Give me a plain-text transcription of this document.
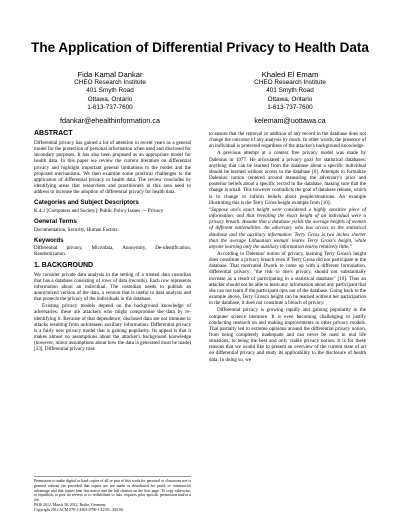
The Application of Differential Privacy to Health Data
Fida Kamal Dankar
CHEO Research Institute
401 Smyth Road
Ottawa, Ontario
1-613-737-7600
fdankar@ehealthinformation.ca
Khaled El Emam
CHEO Research Institute
401 Smyth Road
Ottawa, Ontario
1-613-737-7600
kelemam@uottawa.ca
ABSTRACT

Differential privacy has gained a lot of attention in recent years as a general model for the protection of personal information when used and disclosed for secondary purposes. It has also been proposed as an appropriate model for health data. In this paper we review the current literature on differential privacy and highlight important general limitations to the model and the proposed mechanisms. We then examine some practical challenges to the application of differential privacy to health data. The review concludes by identifying areas that researchers and practitioners in this area need to address to increase the adoption of differential privacy for health data.

Categories and Subject Descriptors

K.4.1 [Computers and Society]: Public Policy Issues — Privacy

General Terms

Documentation, Security, Human Factors.

Keywords

Differential privacy, Microdata, Anonymity, De-identification, Randomization.

1. BACKGROUND

We consider private data analysis in the setting of a trusted data custodian that has a database consisting of rows of data (records). Each row represents information about an individual. The custodian needs to publish an anonymized version of the data, a version that is useful to data analysts and that protects the privacy of the individuals in the database.

Existing privacy models depend on the background knowledge of adversaries; these are attackers who might compromise the data by re-identifying it. Because of that dependence, disclosed data are not immune to attacks resulting from unforeseen auxiliary information. Differential privacy is a fairly new privacy model that is gaining popularity. Its appeal is that it makes almost no assumptions about the attacker's background knowledge (however, minor assumptions about how the data is generated must be made) [33]. Differential privacy tries

Permission to make digital or hard copies of all or part of this work for personal or classroom use is granted without fee provided that copies are not made or distributed for profit or commercial advantage and that copies bear this notice and the full citation on the first page. To copy otherwise, to republish, to post on servers or to redistribute to lists, requires prior specific permission and/or a fee.

PAIS 2012, March 30, 2012, Berlin, Germany.

Copyright 2012 ACM 978-1-4503-0790-1/12/03...$10.00.

to ensure that the removal or addition of any record in the database does not change the outcome of any analysis by much. In other words, the presence of an individual is protected regardless of the attacker's background knowledge.

A previous attempt at a context free privacy model was made by Dalenius in 1977. He articulated a privacy goal for statistical databases: anything that can be learned from the database about a specific individual should be learned without access to the database [6]. Attempts to formalize Dalenius' notion centered around measuring the adversary's prior and posterior beliefs about a specific record in the database, making sure that the change is small. This however contradicts the goal of database release, which is to change or inform beliefs about people/situations. An example illustrating this is the Terry Gross height example from [10]:

"Suppose one's exact height were considered a highly sensitive piece of information, and that revealing the exact height of an individual were a privacy breach. Assume that a database yields the average heights of women of different nationalities. An adversary who has access to the statistical database and the auxiliary information 'Terry Gross is two inches shorter than the average Lithuanian woman' learns Terry Gross's height, while anyone learning only the auxiliary information learns relatively little."

According to Dalenius' notion of privacy, learning Terry Gross's height does constitute a privacy breach even if Terry Gross did not participate in the database. That motivated Dwork to come up with a different formulation, differential privacy: "the risk to one's privacy, should not substantially increase as a result of participating in a statistical database" [10]. Thus an attacker should not be able to learn any information about any participant that she can not learn if the participant opts out of the database. Going back to the example above, Terry Gross's height can be learned without her participation in the database, it does not constitute a breach of privacy.

Differential privacy is growing rapidly and gaining popularity in the computer science literature. It is even becoming challenging to justify conducting research on and making improvements to other privacy models. That partially led to extreme opinions around the differential privacy notion, from being completely inadequate and can never be used in real life situations, to being the best and only viable privacy notion. It is for these reasons that we would like to present an overview of the current state of art on differential privacy and study its applicability to the disclosure of health data. In doing so, we
